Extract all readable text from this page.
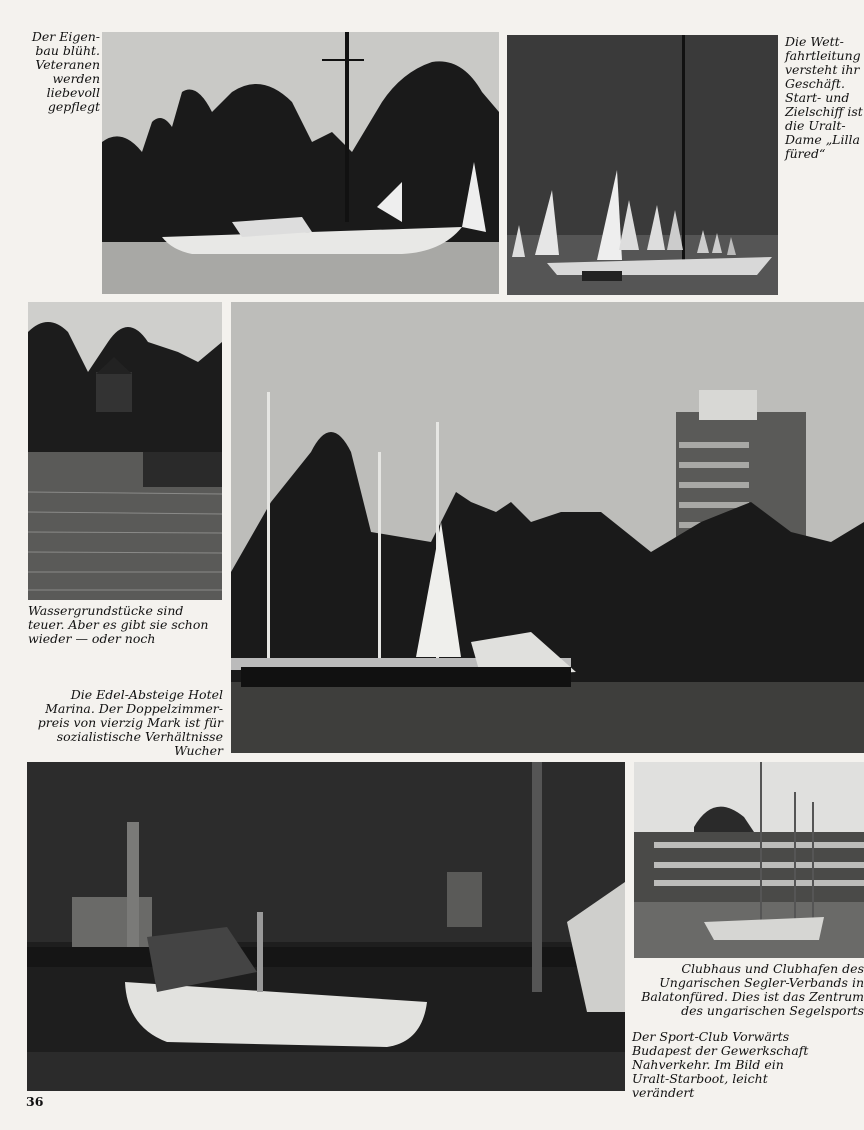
Der Eigen-
bau blüht.
Veteranen
werden
liebevoll
gepflegt
Die Wett-
fahrtleitung
versteht ihr
Geschäft.
Start- und
Zielschiff ist
die Uralt-
Dame „Lilla
füred“
Wassergrundstücke sind
teuer. Aber es gibt sie schon
wieder — oder noch
Die Edel-Absteige Hotel
Marina. Der Doppelzimmer-
preis von vierzig Mark ist für
sozialistische Verhältnisse
Wucher
Clubhaus und Clubhafen des
Ungarischen Segler-Verbands in
Balatonfüred. Dies ist das Zentrum
des ungarischen Segelsports
Der Sport-Club Vorwärts
Budapest der Gewerkschaft
Nahverkehr. Im Bild ein
Uralt-Starboot, leicht
verändert
36
